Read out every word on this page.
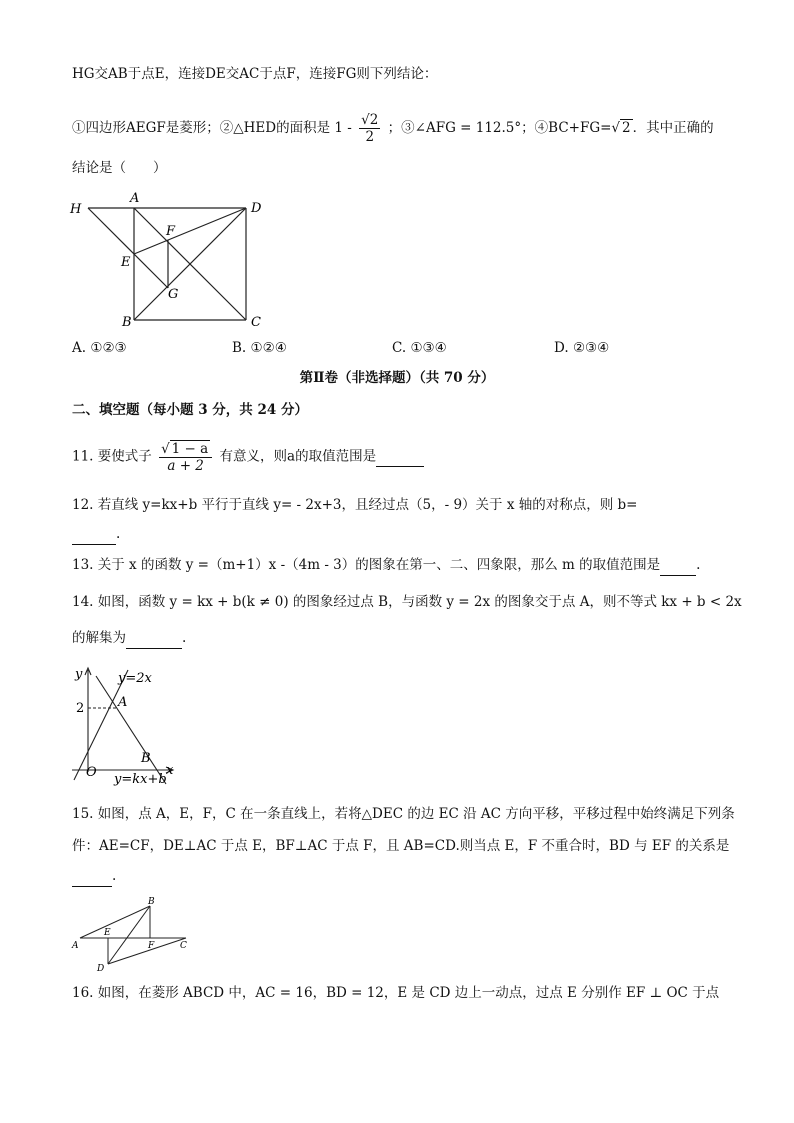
HG交AB于点E，连接DE交AC于点F，连接FG则下列结论：
①四边形AEGF是菱形；②△HED的面积是 $1 - \frac{√2}{2}$ ；③∠AFG = 112.5°；④BC+FG=√ 2 ．其中正确的
结论是（　　）
H
A
D
F
E
G
B	C
A. ①②③	B. ①②④	C. ①③④	D. ②③④
第Ⅱ卷（非选择题）（共 70 分）
二、填空题（每小题 3 分，共 24 分）
11. 要使式子 $\frac{√ 1 - a}{a + 2}$ 有意义，则a的取值范围是
12. 若直线 y=kx+b 平行于直线 y= - 2x+3，且经过点（5，- 9）关于 x 轴的对称点，则 b=
.
13. 关于 x 的函数 y =（m+1）x -（4m - 3）的图象在第一、二、四象限，那么 m 的取值范围是	.
14. 如图，函数 y = kx + b(k ≠ 0) 的图象经过点 B，与函数 y = 2x 的图象交于点 A，则不等式 kx + b < 2x
的解集为	.
y
x
2
O
y=2x
A
B
y=kx+b
15. 如图，点 A，E，F，C 在一条直线上，若将△DEC 的边 EC 沿 AC 方向平移，平移过程中始终满足下列条
件：AE=CF，DE⊥AC 于点 E，BF⊥AC 于点 F，且 AB=CD.则当点 E，F 不重合时，BD 与 EF 的关系是
.
A
E
F	C
B
D
16. 如图，在菱形 ABCD 中，AC = 16，BD = 12，E 是 CD 边上一动点，过点 E 分别作 EF ⊥ OC 于点
